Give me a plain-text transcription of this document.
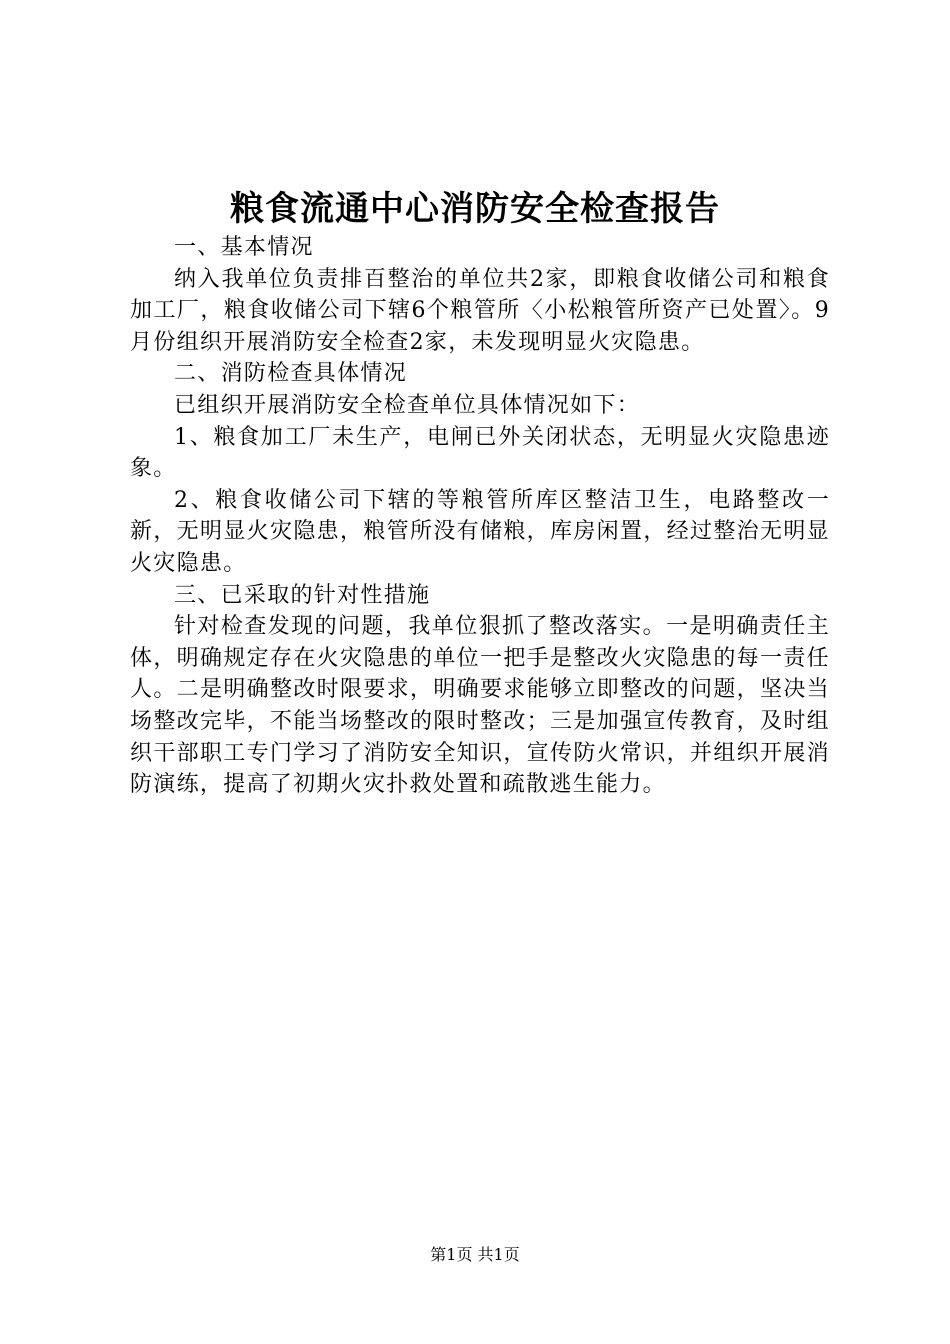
粮食流通中心消防安全检查报告

一、基本情况

纳入我单位负责排百整治的单位共2家，即粮食收储公司和粮食加工厂，粮食收储公司下辖6个粮管所〈小松粮管所资产已处置〉。9月份组织开展消防安全检查2家，未发现明显火灾隐患。

二、消防检查具体情况

已组织开展消防安全检查单位具体情况如下：

1、粮食加工厂未生产，电闸已外关闭状态，无明显火灾隐患迹象。

2、粮食收储公司下辖的等粮管所库区整洁卫生，电路整改一新，无明显火灾隐患，粮管所没有储粮，库房闲置，经过整治无明显火灾隐患。

三、已采取的针对性措施

针对检查发现的问题，我单位狠抓了整改落实。一是明确责任主体，明确规定存在火灾隐患的单位一把手是整改火灾隐患的每一责任人。二是明确整改时限要求，明确要求能够立即整改的问题，坚决当场整改完毕，不能当场整改的限时整改；三是加强宣传教育，及时组织干部职工专门学习了消防安全知识，宣传防火常识，并组织开展消防演练，提高了初期火灾扑救处置和疏散逃生能力。

第1页 共1页
